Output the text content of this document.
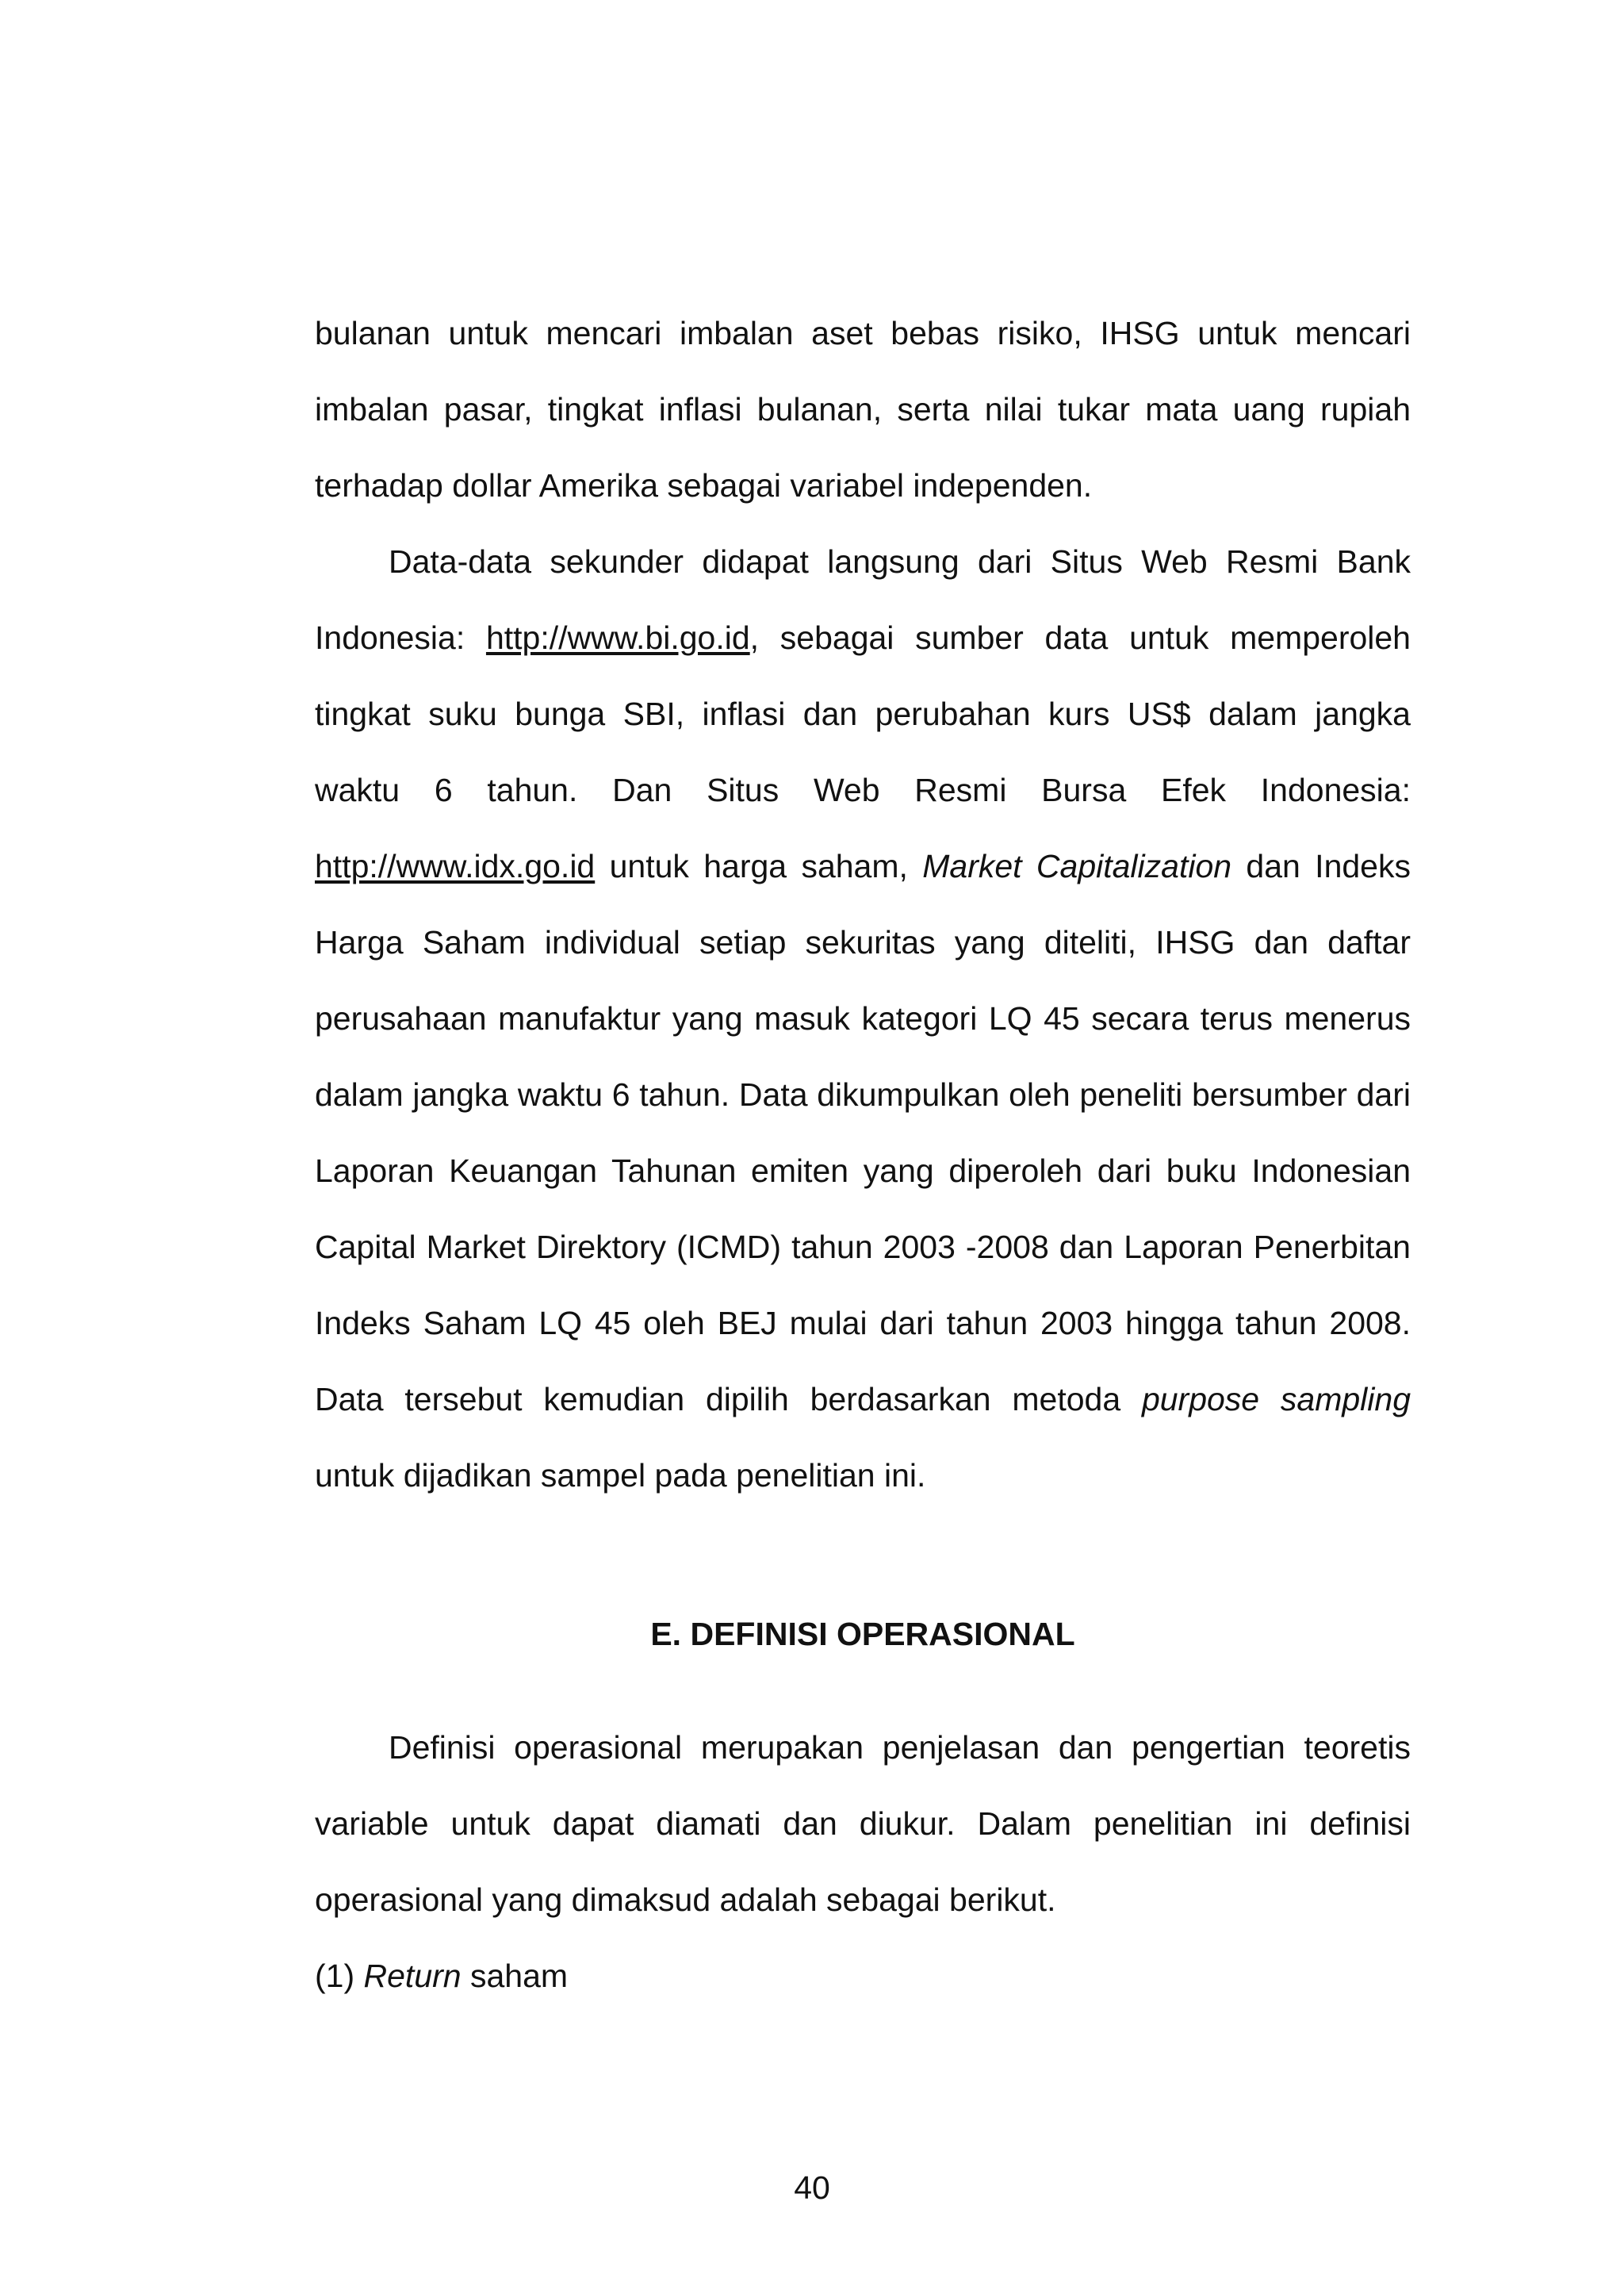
bulanan untuk mencari imbalan aset bebas risiko, IHSG untuk mencari imbalan pasar, tingkat inflasi bulanan, serta nilai tukar mata uang rupiah terhadap dollar Amerika sebagai variabel independen.

Data-data sekunder didapat langsung dari Situs Web Resmi Bank Indonesia: http://www.bi.go.id, sebagai sumber data untuk memperoleh tingkat suku bunga SBI, inflasi dan perubahan kurs US$ dalam jangka waktu 6 tahun. Dan Situs Web Resmi Bursa Efek Indonesia: http://www.idx.go.id untuk harga saham, Market Capitalization dan Indeks Harga Saham individual setiap sekuritas yang diteliti, IHSG dan daftar perusahaan manufaktur yang masuk kategori LQ 45 secara terus menerus dalam jangka waktu 6 tahun. Data dikumpulkan oleh peneliti bersumber dari Laporan Keuangan Tahunan emiten yang diperoleh dari buku Indonesian Capital Market Direktory (ICMD) tahun 2003 -2008 dan Laporan Penerbitan Indeks Saham LQ 45 oleh BEJ mulai dari tahun 2003 hingga tahun 2008. Data tersebut kemudian dipilih berdasarkan metoda purpose sampling untuk dijadikan sampel pada penelitian ini.

E. DEFINISI OPERASIONAL

Definisi operasional merupakan penjelasan dan pengertian teoretis variable untuk dapat diamati dan diukur. Dalam penelitian ini definisi operasional yang dimaksud adalah sebagai berikut.

(1) Return saham

40
